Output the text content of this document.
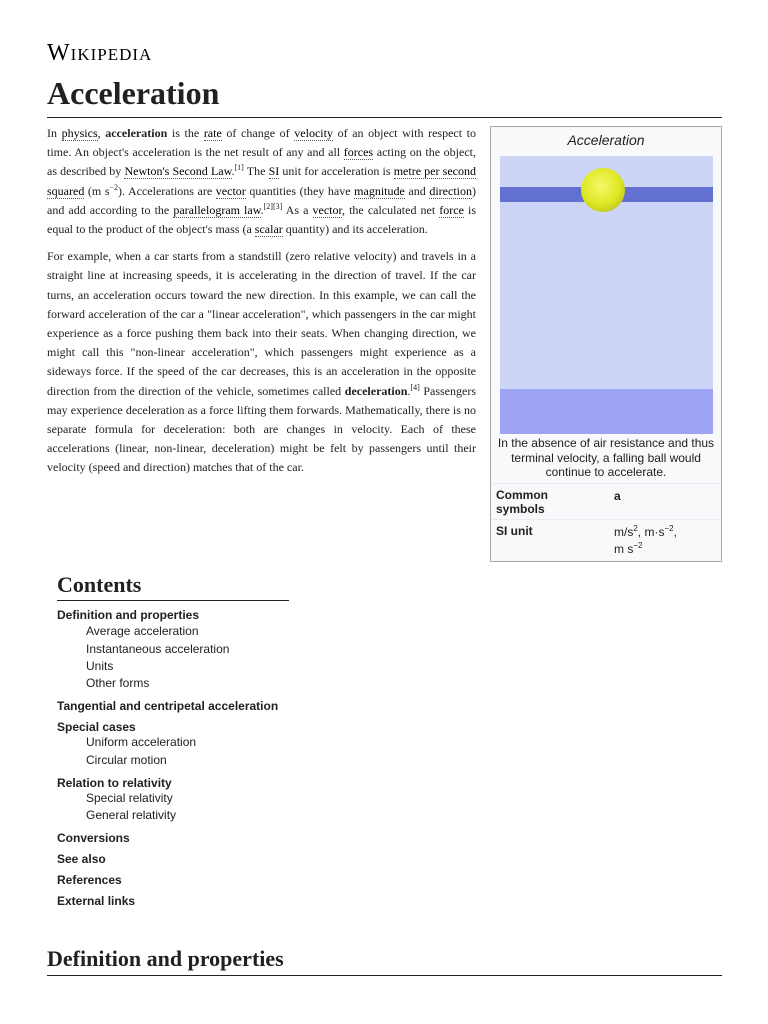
Wikipedia
Acceleration

In physics, acceleration is the rate of change of velocity of an object with respect to time. An object's acceleration is the net result of any and all forces acting on the object, as described by Newton's Second Law.[1] The SI unit for acceleration is metre per second squared (m $s^{-2}$). Accelerations are vector quantities (they have magnitude and direction) and add according to the parallelogram law.[2][3] As a vector, the calculated net force is equal to the product of the object's mass (a scalar quantity) and its acceleration.

For example, when a car starts from a standstill (zero relative velocity) and travels in a straight line at increasing speeds, it is accelerating in the direction of travel. If the car turns, an acceleration occurs toward the new direction. In this example, we can call the forward acceleration of the car a "linear acceleration", which passengers in the car might experience as a force pushing them back into their seats. When changing direction, we might call this "non-linear acceleration", which passengers might experience as a sideways force. If the speed of the car decreases, this is an acceleration in the opposite direction from the direction of the vehicle, sometimes called deceleration.[4] Passengers may experience deceleration as a force lifting them forwards. Mathematically, there is no separate formula for deceleration: both are changes in velocity. Each of these accelerations (linear, non-linear, deceleration) might be felt by passengers until their velocity (speed and direction) matches that of the car.

Acceleration
In the absence of air resistance and thus terminal velocity, a falling ball would continue to accelerate.
Common symbols
a
SI unit	$m/s^2$, $m\cdot s^{-2}$,
m $s^{-2}$
Contents
Definition and properties
Average acceleration
Instantaneous acceleration
Units
Other forms
Tangential and centripetal acceleration
Special cases
Uniform acceleration
Circular motion
Relation to relativity
Special relativity
General relativity
Conversions
See also
References
External links
Definition and properties
